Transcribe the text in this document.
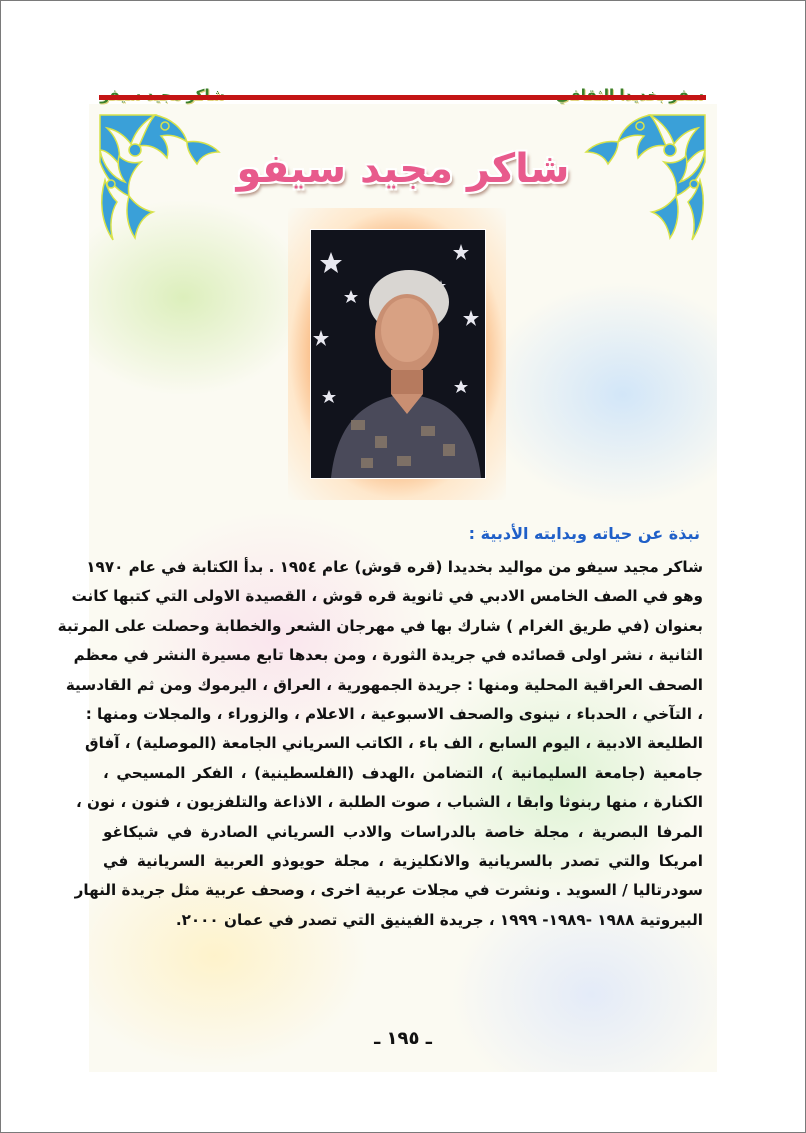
شاكر مجيد سيفو
نبذة عن حياته وبدايته الأدبية :
شاكر مجيد سيفو من مواليد بخديدا (قره قوش) عام ١٩٥٤ . بدأ الكتابة في عام ١٩٧٠
وهو في الصف الخامس الادبي في ثانوية قره قوش ، القصيدة الاولى التي كتبها كانت
بعنوان (في طريق الغرام ) شارك بها في مهرجان الشعر والخطابة وحصلت على المرتبة
الثانية ، نشر اولى قصائده في جريدة الثورة ، ومن بعدها تابع مسيرة النشر في معظم
الصحف العراقية المحلية ومنها : جريدة الجمهورية ، العراق ، اليرموك ومن ثم القادسية
، التآخي ، الحدباء ، نينوى والصحف الاسبوعية ، الاعلام ، والزوراء ، والمجلات ومنها :
الطليعة الادبية ، اليوم السابع ، الف باء ، الكاتب السرياني الجامعة (الموصلية) ، آفاق
جامعية (جامعة السليمانية )، التضامن ،الهدف (الفلسطينية) ، الفكر المسيحي ،
الكنارة ، منها ربنوثا وابقا ، الشباب ، صوت الطلبة ، الاذاعة والتلفزيون ، فنون ، نون ،
المرفا البصرية ، مجلة خاصة بالدراسات والادب السرياني الصادرة في شيكاغو
امريكا والتي تصدر بالسريانية والانكليزية ، مجلة حويوذو العربية السريانية في
سودرتاليا / السويد . ونشرت في مجلات عربية اخرى ، وصحف عربية مثل جريدة النهار
البيروتية ١٩٨٨ -١٩٨٩- ١٩٩٩ ، جريدة الفينيق التي تصدر في عمان ٢٠٠٠.
ـ ١٩٥ ـ
